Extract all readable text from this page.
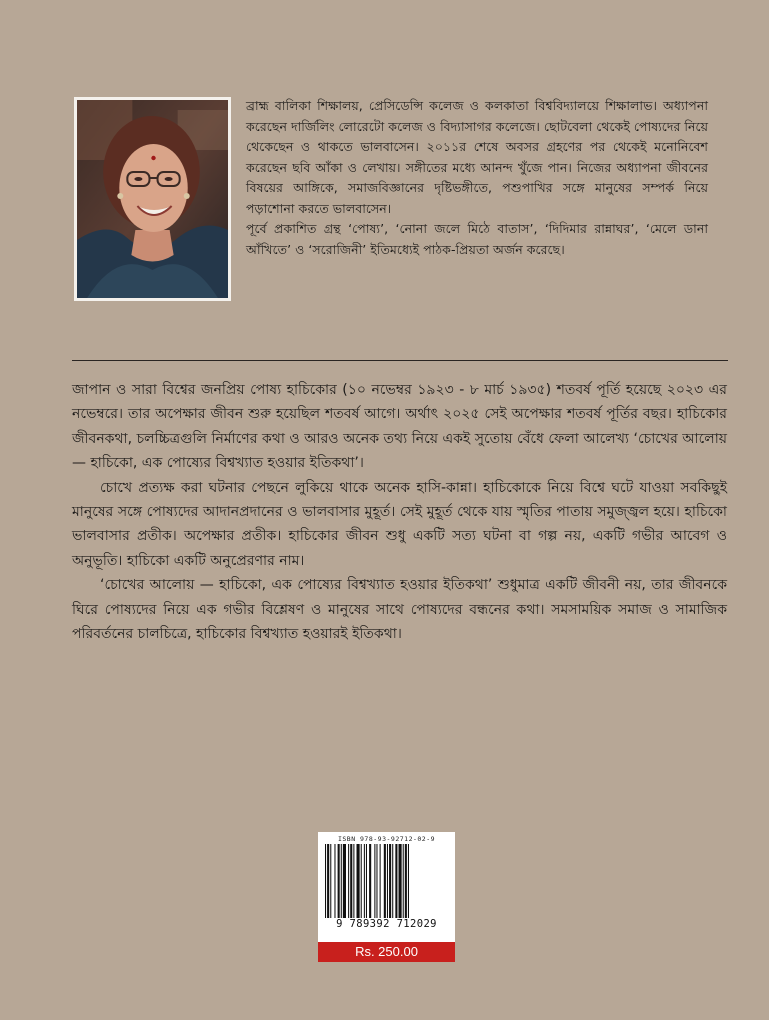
ব্রাহ্ম বালিকা শিক্ষালয়, প্রেসিডেন্সি কলেজ ও কলকাতা বিশ্ববিদ্যালয়ে শিক্ষালাভ। অধ্যাপনা করেছেন দার্জিলিং লোরেটো কলেজ ও বিদ্যাসাগর কলেজে। ছোটবেলা থেকেই পোষ্যদের নিয়ে থেকেছেন ও থাকতে ভালবাসেন। ২০১১র শেষে অবসর গ্রহণের পর থেকেই মনোনিবেশ করেছেন ছবি আঁকা ও লেখায়। সঙ্গীতের মধ্যে আনন্দ খুঁজে পান। নিজের অধ্যাপনা জীবনের বিষয়ের আঙ্গিকে, সমাজবিজ্ঞানের দৃষ্টিভঙ্গীতে, পশুপাখির সঙ্গে মানুষের সম্পর্ক নিয়ে পড়াশোনা করতে ভালবাসেন।

পূর্বে প্রকাশিত গ্রন্থ ‘পোষ্য’, ‘নোনা জলে মিঠে বাতাস’, ‘দিদিমার রান্নাঘর’, ‘মেলে ডানা আঁখিতে’ ও ‘সরোজিনী’ ইতিমধ্যেই পাঠক-প্রিয়তা অর্জন করেছে।

জাপান ও সারা বিশ্বের জনপ্রিয় পোষ্য হাচিকোর (১০ নভেম্বর ১৯২৩ - ৮ মার্চ ১৯৩৫) শতবর্ষ পূর্তি হয়েছে ২০২৩ এর নভেম্বরে। তার অপেক্ষার জীবন শুরু হয়েছিল শতবর্ষ আগে। অর্থাৎ ২০২৫ সেই অপেক্ষার শতবর্ষ পূর্তির বছর। হাচিকোর জীবনকথা, চলচ্চিত্রগুলি নির্মাণের কথা ও আরও অনেক তথ্য নিয়ে একই সুতোয় বেঁধে ফেলা আলেখ্য ‘চোখের আলোয় — হাচিকো, এক পোষ্যের বিশ্বখ্যাত হওয়ার ইতিকথা’।

চোখে প্রত্যক্ষ করা ঘটনার পেছনে লুকিয়ে থাকে অনেক হাসি-কান্না। হাচিকোকে নিয়ে বিশ্বে ঘটে যাওয়া সবকিছুই মানুষের সঙ্গে পোষ্যদের আদানপ্রদানের ও ভালবাসার মুহূর্ত। সেই মুহূর্ত থেকে যায় স্মৃতির পাতায় সমুজ্জ্বল হয়ে। হাচিকো ভালবাসার প্রতীক। অপেক্ষার প্রতীক। হাচিকোর জীবন শুধু একটি সত্য ঘটনা বা গল্প নয়, একটি গভীর আবেগ ও অনুভূতি। হাচিকো একটি অনুপ্রেরণার নাম।

‘চোখের আলোয় — হাচিকো, এক পোষ্যের বিশ্বখ্যাত হওয়ার ইতিকথা’ শুধুমাত্র একটি জীবনী নয়, তার জীবনকে ঘিরে পোষ্যদের নিয়ে এক গভীর বিশ্লেষণ ও মানুষের সাথে পোষ্যদের বন্ধনের কথা। সমসাময়িক সমাজ ও সামাজিক পরিবর্তনের চালচিত্রে, হাচিকোর বিশ্বখ্যাত হওয়ারই ইতিকথা।

ISBN 978-93-92712-02-9
9 789392 712029
Rs. 250.00
